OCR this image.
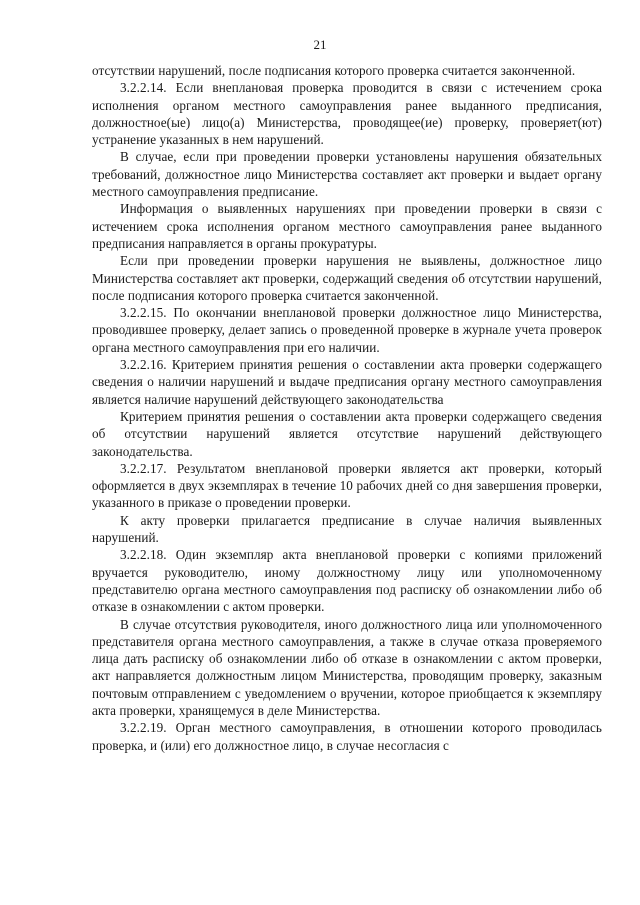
21

отсутствии нарушений, после подписания которого проверка считается законченной.

3.2.2.14. Если внеплановая проверка проводится в связи с истечением срока исполнения органом местного самоуправления ранее выданного предписания, должностное(ые) лицо(а) Министерства, проводящее(ие) проверку, проверяет(ют) устранение указанных в нем нарушений.

В случае, если при проведении проверки установлены нарушения обязательных требований, должностное лицо Министерства составляет акт проверки и выдает органу местного самоуправления предписание.

Информация о выявленных нарушениях при проведении проверки в связи с истечением срока исполнения органом местного самоуправления ранее выданного предписания направляется в органы прокуратуры.

Если при проведении проверки нарушения не выявлены, должностное лицо Министерства составляет акт проверки, содержащий сведения об отсутствии нарушений, после подписания которого проверка считается законченной.

3.2.2.15. По окончании внеплановой проверки должностное лицо Министерства, проводившее проверку, делает запись о проведенной проверке в журнале учета проверок органа местного самоуправления при его наличии.

3.2.2.16. Критерием принятия решения о составлении акта проверки содержащего сведения о наличии нарушений и выдаче предписания органу местного самоуправления является наличие нарушений действующего законодательства

Критерием принятия решения о составлении акта проверки содержащего сведения об отсутствии нарушений является отсутствие нарушений действующего законодательства.

3.2.2.17. Результатом внеплановой проверки является акт проверки, который оформляется в двух экземплярах в течение 10 рабочих дней со дня завершения проверки, указанного в приказе о проведении проверки.

К акту проверки прилагается предписание в случае наличия выявленных нарушений.

3.2.2.18. Один экземпляр акта внеплановой проверки с копиями приложений вручается руководителю, иному должностному лицу или уполномоченному представителю органа местного самоуправления под расписку об ознакомлении либо об отказе в ознакомлении с актом проверки.

В случае отсутствия руководителя, иного должностного лица или уполномоченного представителя органа местного самоуправления, а также в случае отказа проверяемого лица дать расписку об ознакомлении либо об отказе в ознакомлении с актом проверки, акт направляется должностным лицом Министерства, проводящим проверку, заказным почтовым отправлением с уведомлением о вручении, которое приобщается к экземпляру акта проверки, хранящемуся в деле Министерства.

3.2.2.19. Орган местного самоуправления, в отношении которого проводилась проверка, и (или) его должностное лицо, в случае несогласия с
